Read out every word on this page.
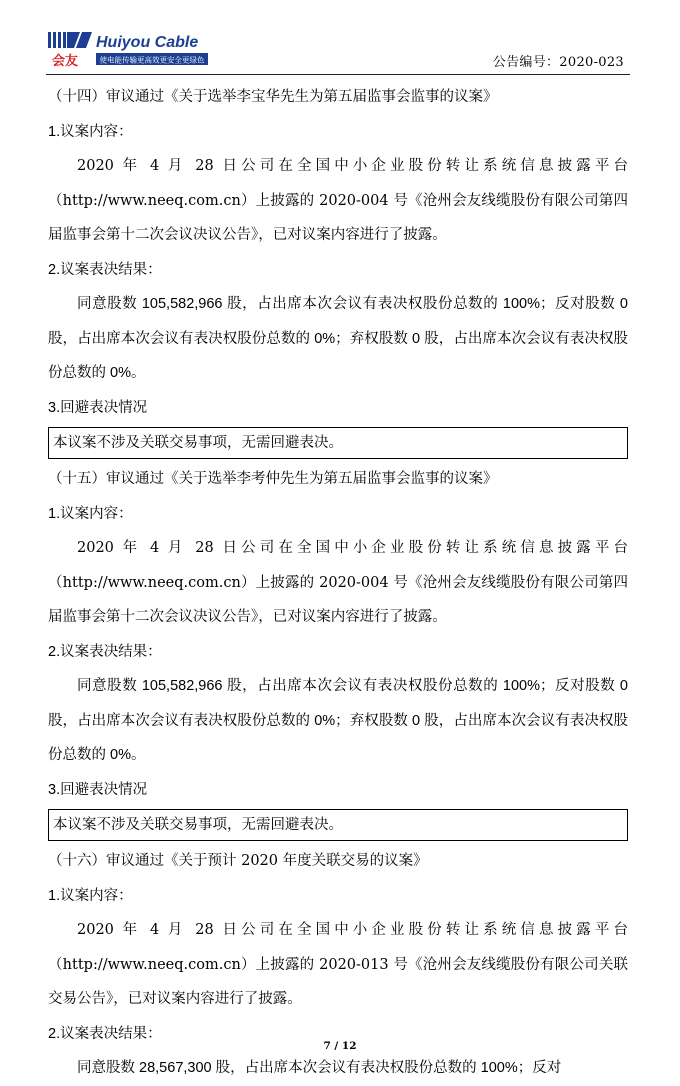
会友
Huiyou Cable
使电能传输更高效更安全更绿色	公告编号：2020-023

（十四）审议通过《关于选举李宝华先生为第五届监事会监事的议案》

1.议案内容：

2020 年 4 月 28 日公司在全国中小企业股份转让系统信息披露平台（http://www.neeq.com.cn）上披露的 2020-004 号《沧州会友线缆股份有限公司第四届监事会第十二次会议决议公告》，已对议案内容进行了披露。

2.议案表决结果：

同意股数 105,582,966 股，占出席本次会议有表决权股份总数的 100%；反对股数 0 股，占出席本次会议有表决权股份总数的 0%；弃权股数 0 股，占出席本次会议有表决权股份总数的 0%。

3.回避表决情况

本议案不涉及关联交易事项，无需回避表决。

（十五）审议通过《关于选举李考仲先生为第五届监事会监事的议案》

1.议案内容：

2020 年 4 月 28 日公司在全国中小企业股份转让系统信息披露平台（http://www.neeq.com.cn）上披露的 2020-004 号《沧州会友线缆股份有限公司第四届监事会第十二次会议决议公告》，已对议案内容进行了披露。

2.议案表决结果：

同意股数 105,582,966 股，占出席本次会议有表决权股份总数的 100%；反对股数 0 股，占出席本次会议有表决权股份总数的 0%；弃权股数 0 股，占出席本次会议有表决权股份总数的 0%。

3.回避表决情况

本议案不涉及关联交易事项，无需回避表决。

（十六）审议通过《关于预计 2020 年度关联交易的议案》

1.议案内容：

2020 年 4 月 28 日公司在全国中小企业股份转让系统信息披露平台（http://www.neeq.com.cn）上披露的 2020-013 号《沧州会友线缆股份有限公司关联交易公告》，已对议案内容进行了披露。

2.议案表决结果：

同意股数 28,567,300 股，占出席本次会议有表决权股份总数的 100%；反对

7 / 12
